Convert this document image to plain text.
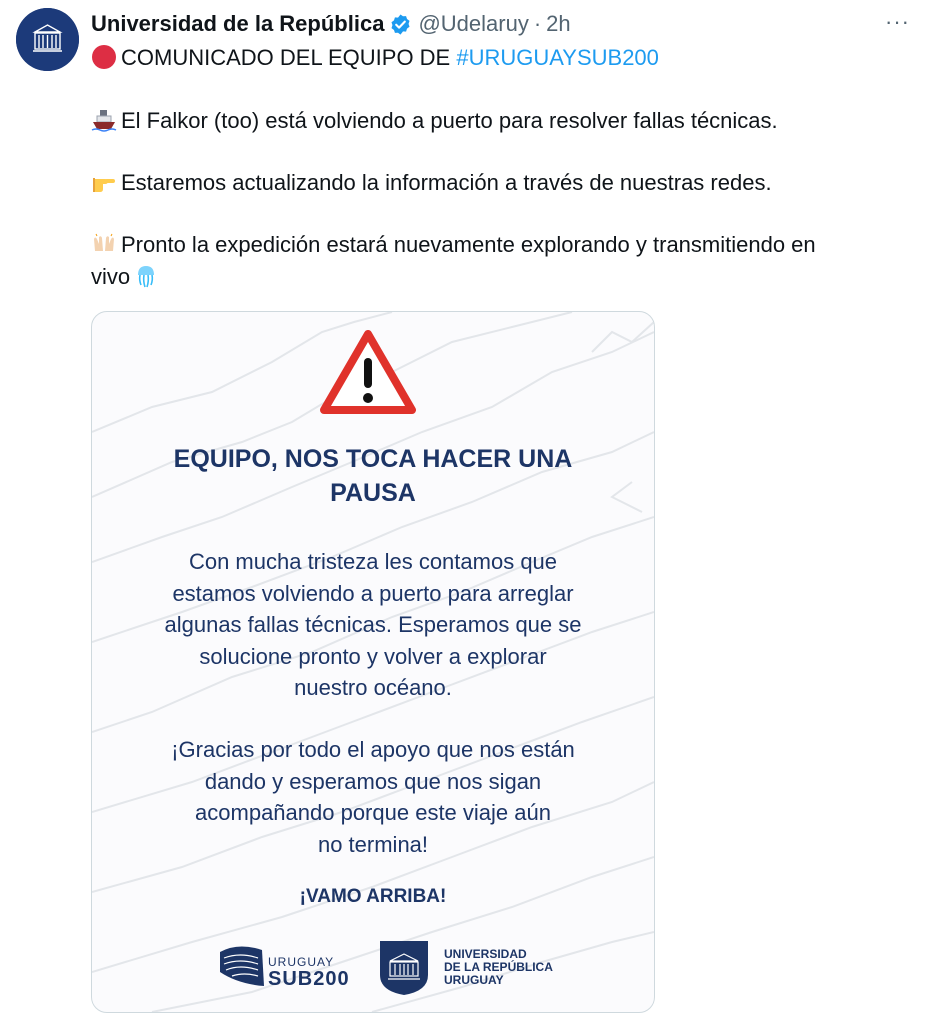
Universidad de la República @Udelaruy · 2h	···
COMUNICADO DEL EQUIPO DE #URUGUAYSUB200
El Falkor (too) está volviendo a puerto para resolver fallas técnicas.
Estaremos actualizando la información a través de nuestras redes.
Pronto la expedición estará nuevamente explorando y transmitiendo en
vivo
EQUIPO, NOS TOCA HACER UNA
PAUSA
Con mucha tristeza les contamos que
estamos volviendo a puerto para arreglar
algunas fallas técnicas. Esperamos que se
solucione pronto y volver a explorar
nuestro océano.
¡Gracias por todo el apoyo que nos están
dando y esperamos que nos sigan
acompañando porque este viaje aún
no termina!
¡VAMO ARRIBA!
URUGUAY
SUB200
UNIVERSIDAD
DE LA REPÚBLICA
URUGUAY
